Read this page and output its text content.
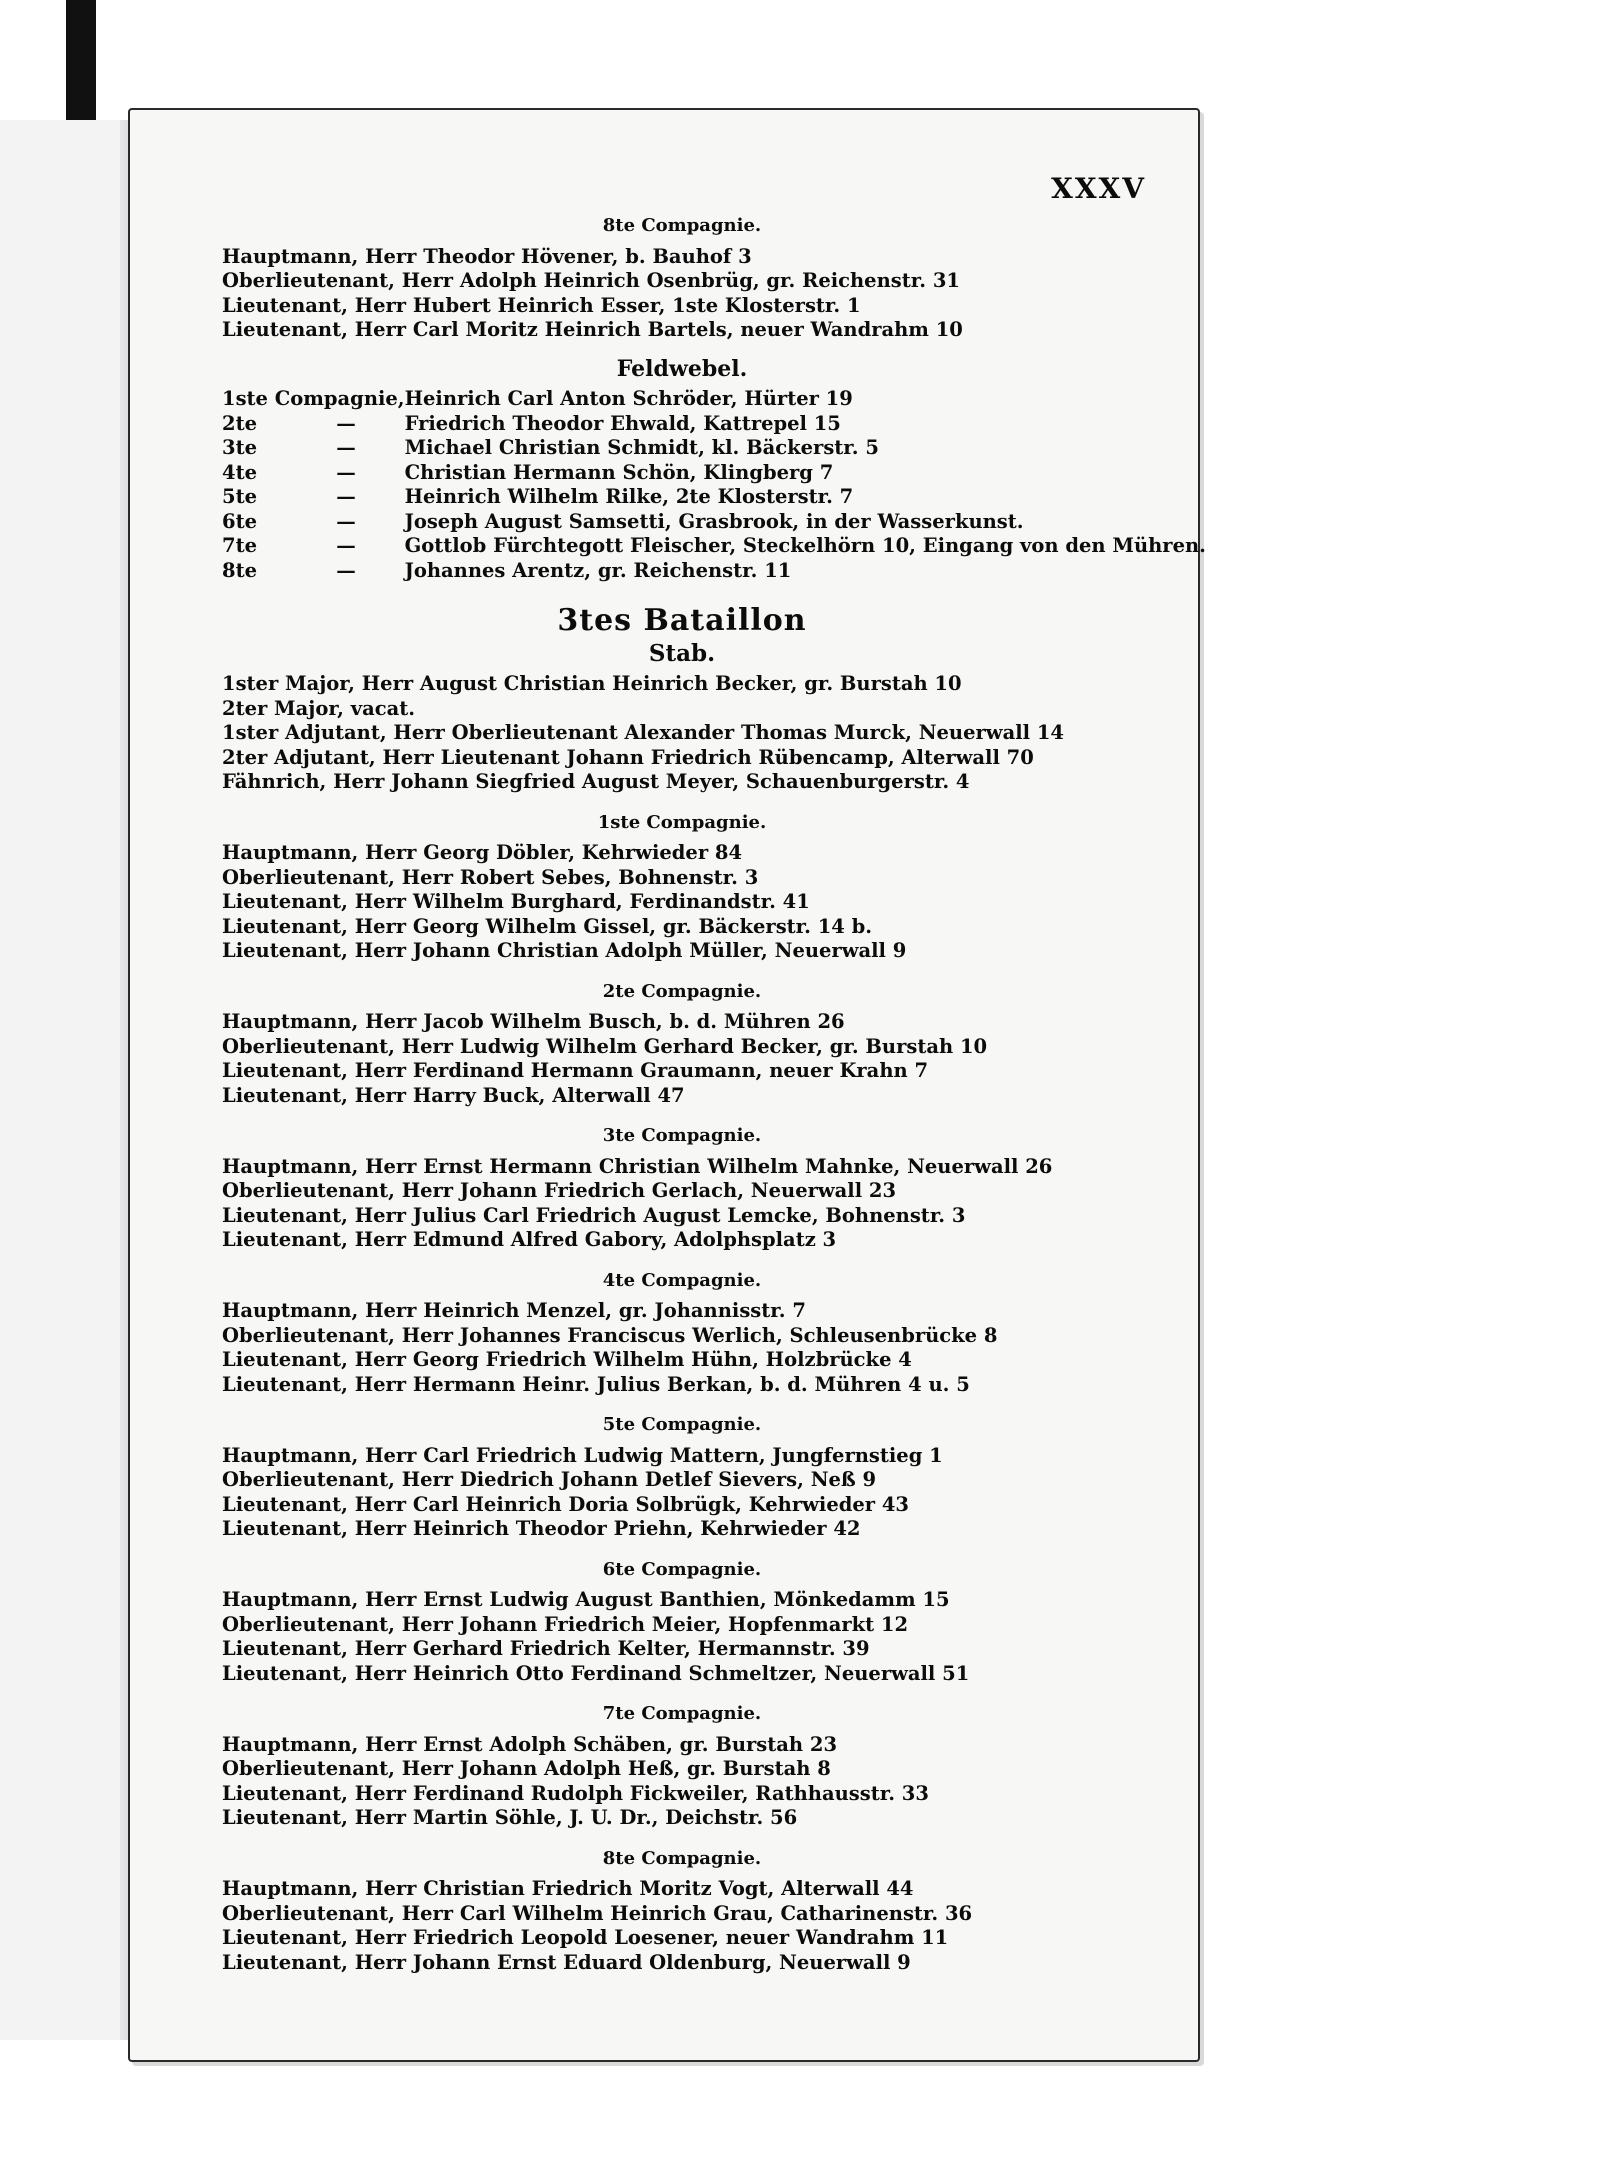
XXXV

8te Compagnie.

Hauptmann, Herr Theodor Hövener, b. Bauhof 3

Oberlieutenant, Herr Adolph Heinrich Osenbrüg, gr. Reichenstr. 31

Lieutenant, Herr Hubert Heinrich Esser, 1ste Klosterstr. 1

Lieutenant, Herr Carl Moritz Heinrich Bartels, neuer Wandrahm 10

Feldwebel.

1ste Compagnie,		Heinrich Carl Anton Schröder, Hürter 19
2te	—	Friedrich Theodor Ehwald, Kattrepel 15
3te	—	Michael Christian Schmidt, kl. Bäckerstr. 5
4te	—	Christian Hermann Schön, Klingberg 7
5te	—	Heinrich Wilhelm Rilke, 2te Klosterstr. 7
6te	—	Joseph August Samsetti, Grasbrook, in der Wasserkunst.
7te	—	Gottlob Fürchtegott Fleischer, Steckelhörn 10, Eingang von den Mühren.
8te	—	Johannes Arentz, gr. Reichenstr. 11

3tes Bataillon

Stab.

1ster Major, Herr August Christian Heinrich Becker, gr. Burstah 10

2ter Major, vacat.

1ster Adjutant, Herr Oberlieutenant Alexander Thomas Murck, Neuerwall 14

2ter Adjutant, Herr Lieutenant Johann Friedrich Rübencamp, Alterwall 70

Fähnrich, Herr Johann Siegfried August Meyer, Schauenburgerstr. 4

1ste Compagnie.

Hauptmann, Herr Georg Döbler, Kehrwieder 84

Oberlieutenant, Herr Robert Sebes, Bohnenstr. 3

Lieutenant, Herr Wilhelm Burghard, Ferdinandstr. 41

Lieutenant, Herr Georg Wilhelm Gissel, gr. Bäckerstr. 14 b.

Lieutenant, Herr Johann Christian Adolph Müller, Neuerwall 9

2te Compagnie.

Hauptmann, Herr Jacob Wilhelm Busch, b. d. Mühren 26

Oberlieutenant, Herr Ludwig Wilhelm Gerhard Becker, gr. Burstah 10

Lieutenant, Herr Ferdinand Hermann Graumann, neuer Krahn 7

Lieutenant, Herr Harry Buck, Alterwall 47

3te Compagnie.

Hauptmann, Herr Ernst Hermann Christian Wilhelm Mahnke, Neuerwall 26

Oberlieutenant, Herr Johann Friedrich Gerlach, Neuerwall 23

Lieutenant, Herr Julius Carl Friedrich August Lemcke, Bohnenstr. 3

Lieutenant, Herr Edmund Alfred Gabory, Adolphsplatz 3

4te Compagnie.

Hauptmann, Herr Heinrich Menzel, gr. Johannisstr. 7

Oberlieutenant, Herr Johannes Franciscus Werlich, Schleusenbrücke 8

Lieutenant, Herr Georg Friedrich Wilhelm Hühn, Holzbrücke 4

Lieutenant, Herr Hermann Heinr. Julius Berkan, b. d. Mühren 4 u. 5

5te Compagnie.

Hauptmann, Herr Carl Friedrich Ludwig Mattern, Jungfernstieg 1

Oberlieutenant, Herr Diedrich Johann Detlef Sievers, Neß 9

Lieutenant, Herr Carl Heinrich Doria Solbrügk, Kehrwieder 43

Lieutenant, Herr Heinrich Theodor Priehn, Kehrwieder 42

6te Compagnie.

Hauptmann, Herr Ernst Ludwig August Banthien, Mönkedamm 15

Oberlieutenant, Herr Johann Friedrich Meier, Hopfenmarkt 12

Lieutenant, Herr Gerhard Friedrich Kelter, Hermannstr. 39

Lieutenant, Herr Heinrich Otto Ferdinand Schmeltzer, Neuerwall 51

7te Compagnie.

Hauptmann, Herr Ernst Adolph Schäben, gr. Burstah 23

Oberlieutenant, Herr Johann Adolph Heß, gr. Burstah 8

Lieutenant, Herr Ferdinand Rudolph Fickweiler, Rathhausstr. 33

Lieutenant, Herr Martin Söhle, J. U. Dr., Deichstr. 56

8te Compagnie.

Hauptmann, Herr Christian Friedrich Moritz Vogt, Alterwall 44

Oberlieutenant, Herr Carl Wilhelm Heinrich Grau, Catharinenstr. 36

Lieutenant, Herr Friedrich Leopold Loesener, neuer Wandrahm 11

Lieutenant, Herr Johann Ernst Eduard Oldenburg, Neuerwall 9
